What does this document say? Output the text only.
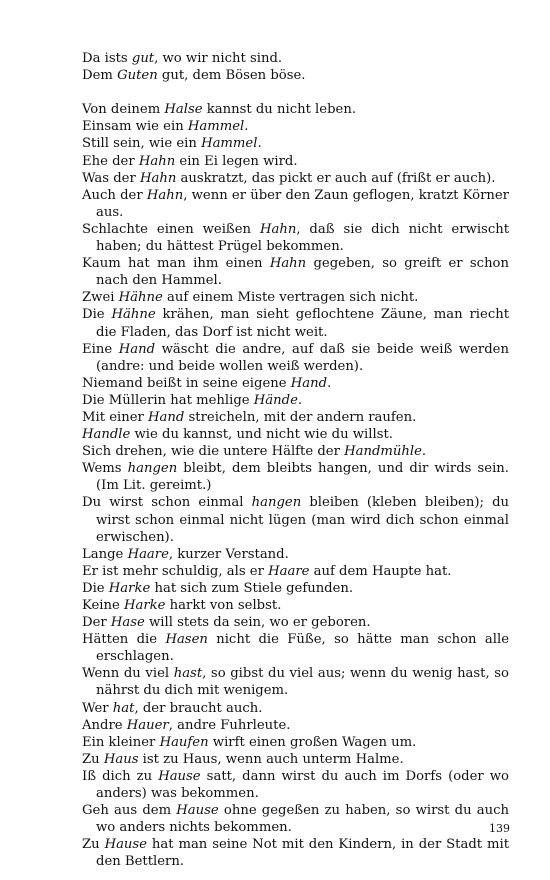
Da ists gut, wo wir nicht sind.
Dem Guten gut, dem Bösen böse.
Von deinem Halse kannst du nicht leben.
Einsam wie ein Hammel.
Still sein, wie ein Hammel.
Ehe der Hahn ein Ei legen wird.
Was der Hahn auskratzt, das pickt er auch auf (frißt er auch).
Auch der Hahn, wenn er über den Zaun geflogen, kratzt Körner aus.
Schlachte einen weißen Hahn, daß sie dich nicht erwischt haben; du hättest Prügel bekommen.
Kaum hat man ihm einen Hahn gegeben, so greift er schon nach den Hammel.
Zwei Hähne auf einem Miste vertragen sich nicht.
Die Hähne krähen, man sieht geflochtene Zäune, man riecht die Fladen, das Dorf ist nicht weit.
Eine Hand wäscht die andre, auf daß sie beide weiß werden (andre: und beide wollen weiß werden).
Niemand beißt in seine eigene Hand.
Die Müllerin hat mehlige Hände.
Mit einer Hand streicheln, mit der andern raufen.
Handle wie du kannst, und nicht wie du willst.
Sich drehen, wie die untere Hälfte der Handmühle.
Wems hangen bleibt, dem bleibts hangen, und dir wirds sein. (Im Lit. gereimt.)
Du wirst schon einmal hangen bleiben (kleben bleiben); du wirst schon einmal nicht lügen (man wird dich schon einmal erwischen).
Lange Haare, kurzer Verstand.
Er ist mehr schuldig, als er Haare auf dem Haupte hat.
Die Harke hat sich zum Stiele gefunden.
Keine Harke harkt von selbst.
Der Hase will stets da sein, wo er geboren.
Hätten die Hasen nicht die Füße, so hätte man schon alle erschlagen.
Wenn du viel hast, so gibst du viel aus; wenn du wenig hast, so nährst du dich mit wenigem.
Wer hat, der braucht auch.
Andre Hauer, andre Fuhrleute.
Ein kleiner Haufen wirft einen großen Wagen um.
Zu Haus ist zu Haus, wenn auch unterm Halme.
Iß dich zu Hause satt, dann wirst du auch im Dorfs (oder wo anders) was bekommen.
Geh aus dem Hause ohne gegeßen zu haben, so wirst du auch wo anders nichts bekommen.
Zu Hause hat man seine Not mit den Kindern, in der Stadt mit den Bettlern.
139
